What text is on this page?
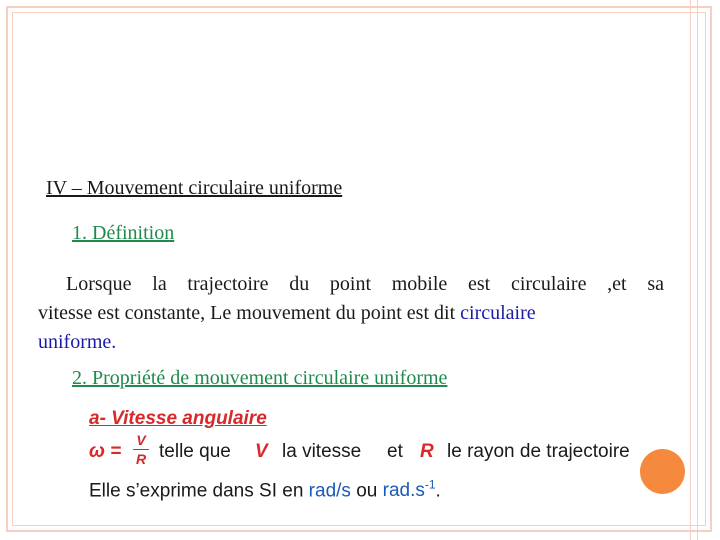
IV – Mouvement circulaire uniforme
1. Définition
Lorsque la trajectoire du point mobile est circulaire ,et sa
vitesse est constante, Le mouvement du point est dit circulaire
uniforme.
2. Propriété de mouvement circulaire uniforme
a- Vitesse angulaire
ω =
V
R telle que V la vitesse et R le rayon de trajectoire
Elle s’exprime dans SI en rad/s ou $rad.s^{-1}$.
